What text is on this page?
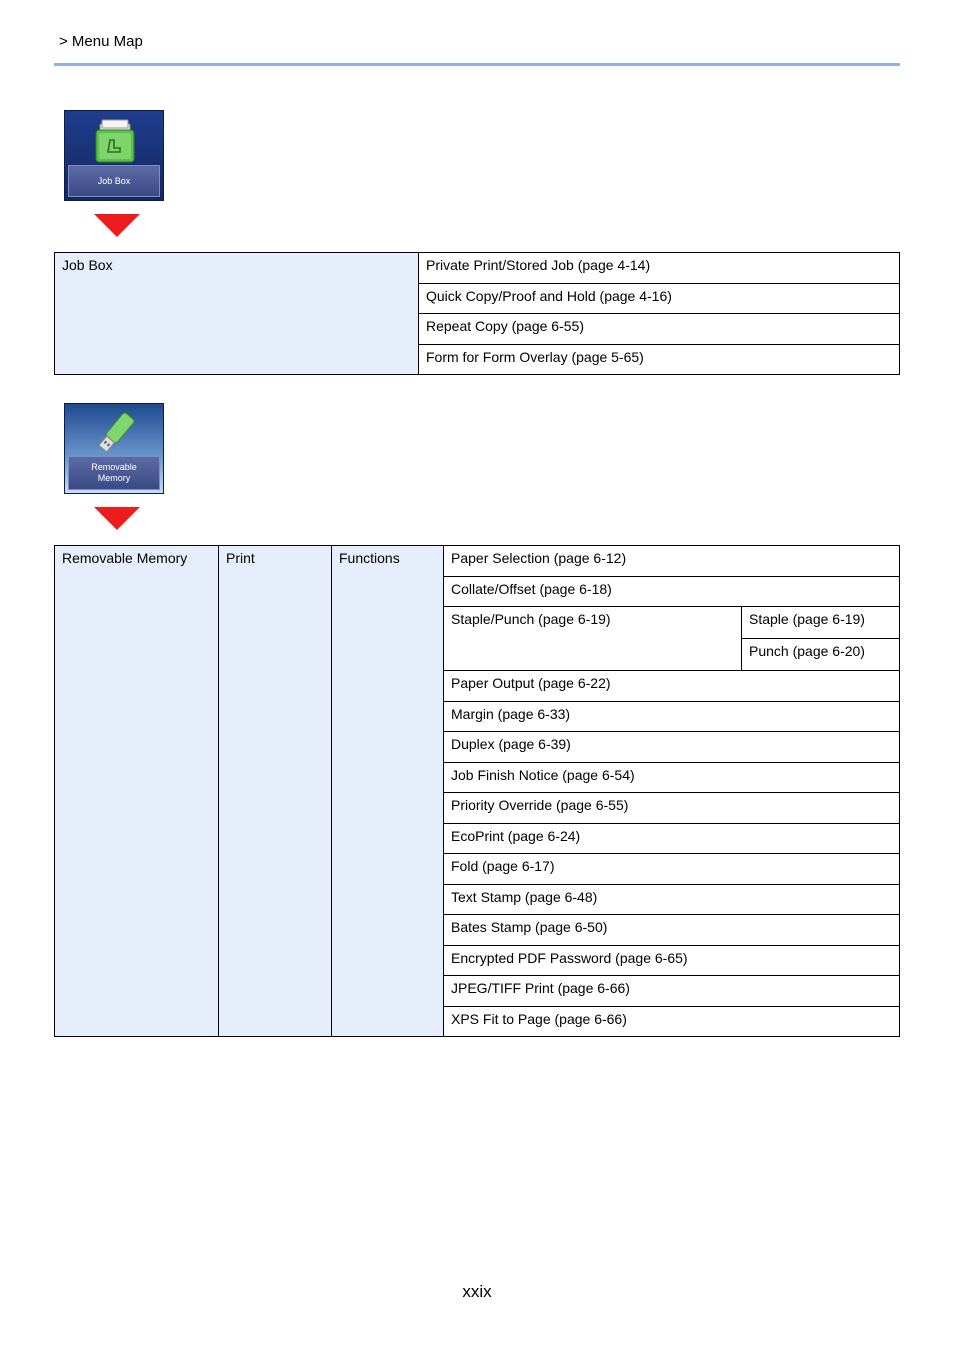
> Menu Map
Job Box
Job Box	Private Print/Stored Job (page 4-14)
Quick Copy/Proof and Hold (page 4-16)
Repeat Copy (page 6-55)
Form for Form Overlay (page 5-65)
Removable
Memory
Removable Memory	Print	Functions	Paper Selection (page 6-12)
Collate/Offset (page 6-18)
Staple/Punch (page 6-19)	Staple (page 6-19)
Punch (page 6-20)
Paper Output (page 6-22)
Margin (page 6-33)
Duplex (page 6-39)
Job Finish Notice (page 6-54)
Priority Override (page 6-55)
EcoPrint (page 6-24)
Fold (page 6-17)
Text Stamp (page 6-48)
Bates Stamp (page 6-50)
Encrypted PDF Password (page 6-65)
JPEG/TIFF Print (page 6-66)
XPS Fit to Page (page 6-66)
xxix
